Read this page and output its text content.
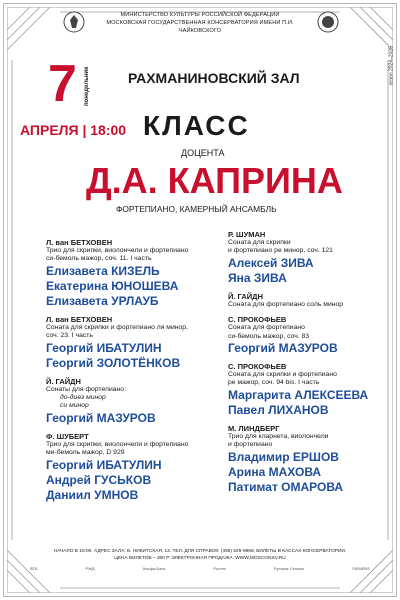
МИНИСТЕРСТВО КУЛЬТУРЫ РОССИЙСКОЙ ФЕДЕРАЦИИ
МОСКОВСКАЯ ГОСУДАРСТВЕННАЯ КОНСЕРВАТОРИЯ ИМЕНИ П.И. ЧАЙКОВСКОГО
сезон 2024–2025
7 понедельник
АПРЕЛЯ | 18:00
РАХМАНИНОВСКИЙ ЗАЛ
КЛАСС
ДОЦЕНТА
Д.А. КАПРИНА
ФОРТЕПИАНО, КАМЕРНЫЙ АНСАМБЛЬ
Л. ван БЕТХОВЕН
Трио для скрипки, виолончели и фортепиано
си-бемоль мажор, соч. 11. I часть
Елизавета КИЗЕЛЬ
Екатерина ЮНОШЕВА
Елизавета УРЛАУБ
Л. ван БЕТХОВЕН
Соната для скрипки и фортепиано ля минор,
соч. 23. I часть
Георгий ИБАТУЛИН
Георгий ЗОЛОТЁНКОВ
Й. ГАЙДН
Сонаты для фортепиано:
до-диез минор
си минор
Георгий МАЗУРОВ
Ф. ШУБЕРТ
Трио для скрипки, виолончели и фортепиано
ми-бемоль мажор, D 929
Георгий ИБАТУЛИН
Андрей ГУСЬКОВ
Даниил УМНОВ
Р. ШУМАН
Соната для скрипки
и фортепиано ре минор, соч. 121
Алексей ЗИВА
Яна ЗИВА
Й. ГАЙДН
Соната для фортепиано соль минор
С. ПРОКОФЬЕВ
Соната для фортепиано
си-бемоль мажор, соч. 83
Георгий МАЗУРОВ
С. ПРОКОФЬЕВ
Соната для скрипки и фортепиано
ре мажор, соч. 94 bis. I часть
Маргарита АЛЕКСЕЕВА
Павел ЛИХАНОВ
М. ЛИНДБЕРГ
Трио для кларнета, виолончели
и фортепиано
Владимир ЕРШОВ
Арина МАХОВА
Патимат ОМАРОВА
НАЧАЛО В 18:00. АДРЕС ЗАЛА: Б. НИКИТСКАЯ, 13. ТЕЛ. ДЛЯ СПРАВОК: (495) 629-9968. БИЛЕТЫ В КАССАХ КОНСЕРВАТОРИИ.
ЦЕНА БИЛЕТОВ – 300 Р. ЭЛЕКТРОННАЯ ПРОДАЖА: WWW.MOSCONSV.RU
ВТБ	РЖД	Альфа-Банк	Ростех	Русские Сезоны	SIEMENS
